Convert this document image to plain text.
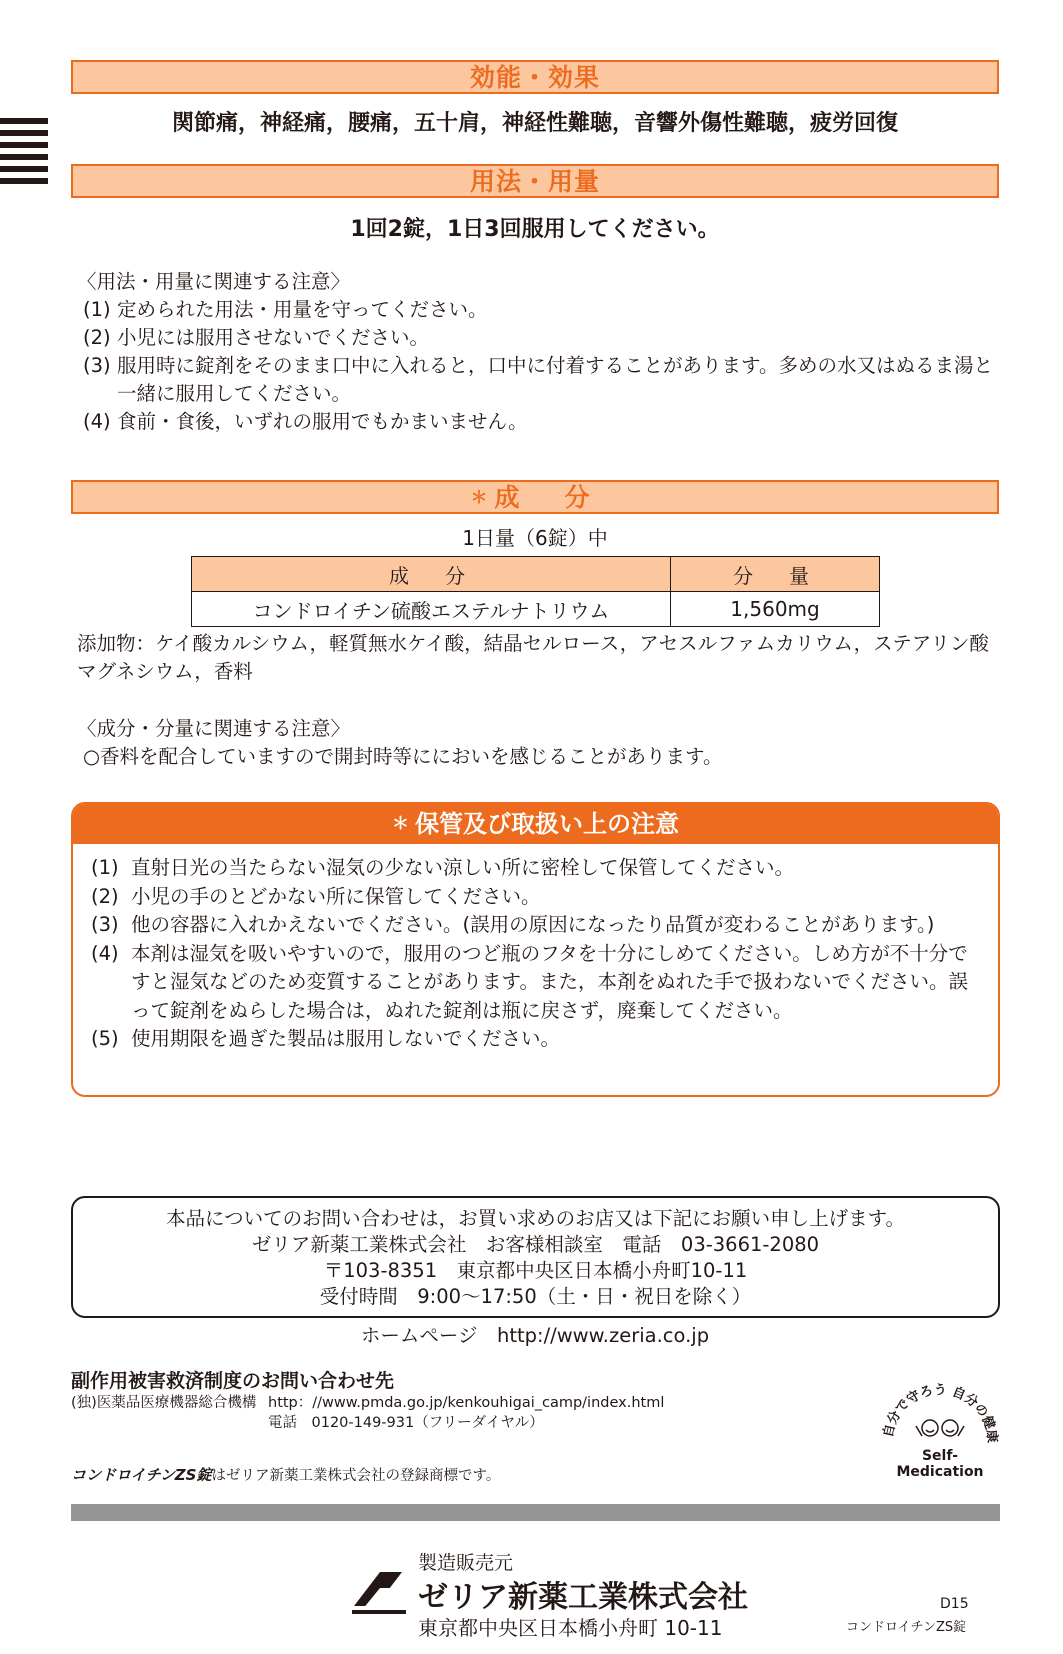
効能・効果
関節痛，神経痛，腰痛，五十肩，神経性難聴，音響外傷性難聴，疲労回復
用法・用量
1回2錠，1日3回服用してください。
〈用法・用量に関連する注意〉
(1) 定められた用法・用量を守ってください。
(2) 小児には服用させないでください。
(3) 服用時に錠剤をそのまま口中に入れると，口中に付着することがあります。多めの水又はぬるま湯と一緒に服用してください。
(4) 食前・食後，いずれの服用でもかまいません。
＊ 成　分
1日量（6錠）中
成　分	分　量
コンドロイチン硫酸エステルナトリウム	1,560mg
添加物：ケイ酸カルシウム，軽質無水ケイ酸，結晶セルロース，アセスルファムカリウム，ステアリン酸マグネシウム，香料
〈成分・分量に関連する注意〉
○香料を配合していますので開封時等ににおいを感じることがあります。
＊ 保管及び取扱い上の注意
(1) 直射日光の当たらない湿気の少ない涼しい所に密栓して保管してください。
(2) 小児の手のとどかない所に保管してください。
(3) 他の容器に入れかえないでください。(誤用の原因になったり品質が変わることがあります。)
(4) 本剤は湿気を吸いやすいので，服用のつど瓶のフタを十分にしめてください。しめ方が不十分ですと湿気などのため変質することがあります。また，本剤をぬれた手で扱わないでください。誤って錠剤をぬらした場合は，ぬれた錠剤は瓶に戻さず，廃棄してください。
(5) 使用期限を過ぎた製品は服用しないでください。
本品についてのお問い合わせは，お買い求めのお店又は下記にお願い申し上げます。
ゼリア新薬工業株式会社　お客様相談室　電話　03-3661-2080
〒103-8351　東京都中央区日本橋小舟町10-11
受付時間　9:00〜17:50（土・日・祝日を除く）
ホームページ　http://www.zeria.co.jp
副作用被害救済制度のお問い合わせ先
(独)医薬品医療機器総合機構 http：//www.pmda.go.jp/kenkouhigai_camp/index.html
電話　0120-149-931（フリーダイヤル）	自分で守ろう 自分の健康
Self-Medication
コンドロイチンZS錠はゼリア新薬工業株式会社の登録商標です。
製造販売元
ゼリア新薬工業株式会社
東京都中央区日本橋小舟町 10-11
D15
コンドロイチンZS錠
